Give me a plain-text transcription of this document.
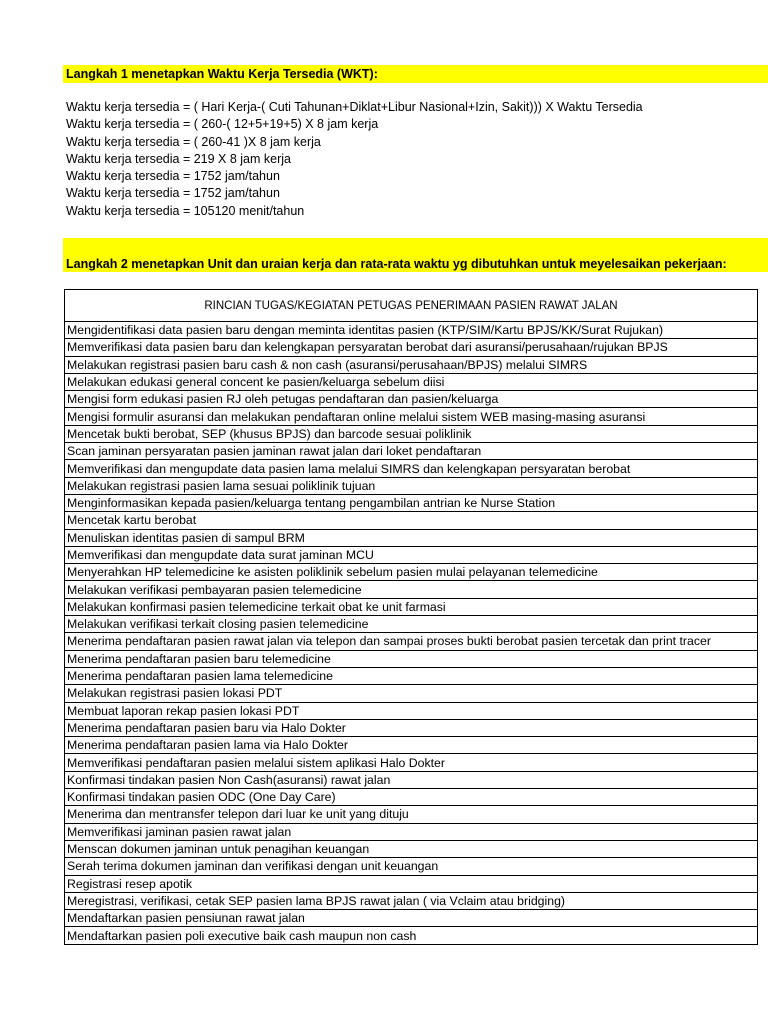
Langkah 1 menetapkan Waktu Kerja Tersedia (WKT):
Waktu kerja tersedia = ( Hari Kerja-( Cuti Tahunan+Diklat+Libur Nasional+Izin, Sakit))) X Waktu Tersedia
Waktu kerja tersedia = ( 260-( 12+5+19+5) X 8 jam kerja
Waktu kerja tersedia = ( 260-41 )X 8 jam kerja
Waktu kerja tersedia = 219 X 8 jam kerja
Waktu kerja tersedia = 1752 jam/tahun
Waktu kerja tersedia = 1752 jam/tahun
Waktu kerja tersedia = 105120 menit/tahun
Langkah 2 menetapkan Unit dan uraian kerja dan rata-rata waktu yg dibutuhkan untuk meyelesaikan pekerjaan:
RINCIAN TUGAS/KEGIATAN PETUGAS PENERIMAAN PASIEN RAWAT JALAN
Mengidentifikasi data pasien baru dengan meminta identitas pasien (KTP/SIM/Kartu BPJS/KK/Surat Rujukan)
Memverifikasi data pasien baru dan kelengkapan persyaratan berobat dari asuransi/perusahaan/rujukan BPJS
Melakukan registrasi pasien baru cash & non cash (asuransi/perusahaan/BPJS) melalui SIMRS
Melakukan edukasi general concent ke pasien/keluarga sebelum diisi
Mengisi form edukasi pasien RJ oleh petugas pendaftaran dan pasien/keluarga
Mengisi formulir asuransi dan melakukan pendaftaran online melalui sistem WEB masing-masing asuransi
Mencetak bukti berobat, SEP (khusus BPJS) dan barcode sesuai poliklinik
Scan jaminan persyaratan pasien jaminan rawat jalan dari loket pendaftaran
Memverifikasi dan mengupdate data pasien lama melalui SIMRS dan kelengkapan persyaratan berobat
Melakukan registrasi pasien lama sesuai poliklinik tujuan
Menginformasikan kepada pasien/keluarga tentang pengambilan antrian ke Nurse Station
Mencetak kartu berobat
Menuliskan identitas pasien di sampul BRM
Memverifikasi dan mengupdate data surat jaminan MCU
Menyerahkan HP telemedicine ke asisten poliklinik sebelum pasien mulai pelayanan telemedicine
Melakukan verifikasi pembayaran pasien telemedicine
Melakukan konfirmasi pasien telemedicine terkait obat ke unit farmasi
Melakukan verifikasi terkait closing pasien telemedicine
Menerima pendaftaran pasien rawat jalan via telepon dan sampai proses bukti berobat pasien tercetak dan print tracer
Menerima pendaftaran pasien baru telemedicine
Menerima pendaftaran pasien lama telemedicine
Melakukan registrasi pasien lokasi PDT
Membuat laporan rekap pasien lokasi PDT
Menerima pendaftaran pasien baru via Halo Dokter
Menerima pendaftaran pasien lama via Halo Dokter
Memverifikasi pendaftaran pasien melalui sistem aplikasi Halo Dokter
Konfirmasi tindakan pasien Non Cash(asuransi) rawat jalan
Konfirmasi tindakan pasien ODC (One Day Care)
Menerima dan mentransfer telepon dari luar ke unit yang dituju
Memverifikasi jaminan pasien rawat jalan
Menscan dokumen jaminan untuk penagihan keuangan
Serah terima dokumen jaminan dan verifikasi dengan unit keuangan
Registrasi resep apotik
Meregistrasi, verifikasi, cetak SEP pasien lama BPJS rawat jalan ( via Vclaim atau bridging)
Mendaftarkan pasien pensiunan rawat jalan
Mendaftarkan pasien poli executive baik cash maupun non cash
